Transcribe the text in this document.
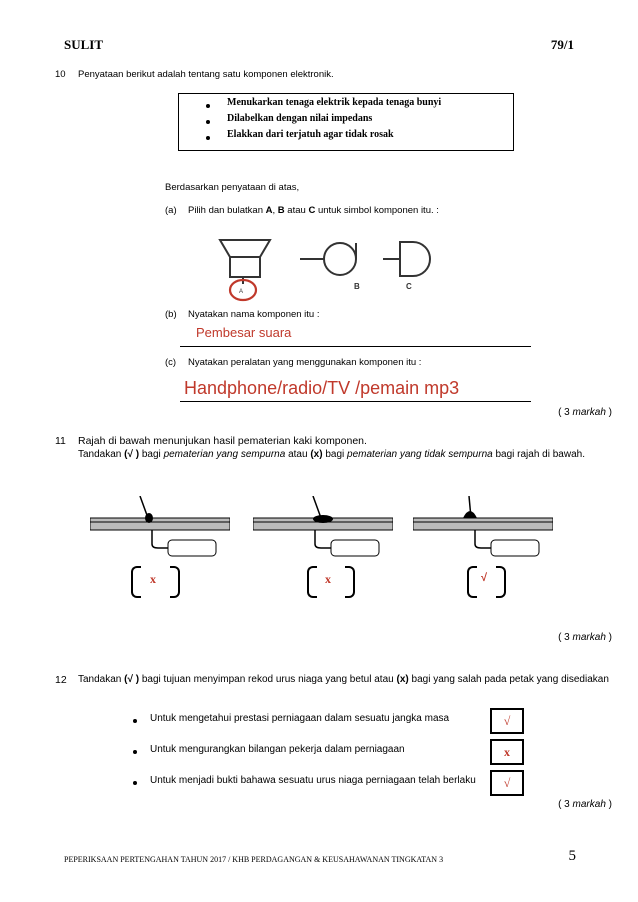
SULIT	79/1
10 Penyataan berikut adalah tentang satu komponen elektronik.
Menukarkan tenaga elektrik kepada tenaga bunyi
Dilabelkan dengan nilai impedans
Elakkan dari terjatuh agar tidak rosak
Berdasarkan penyataan di atas,
(a) Pilih dan bulatkan A, B atau C untuk simbol komponen itu. :
B	C
A
(b) Nyatakan nama komponen itu :
Pembesar suara
(c) Nyatakan peralatan yang menggunakan komponen itu :
Handphone/radio/TV /pemain mp3
( 3 markah )
11 Rajah di bawah menunjukan hasil pematerian kaki komponen.
Tandakan (√ ) bagi pematerian yang sempurna atau (x) bagi pematerian yang tidak sempurna bagi rajah di bawah.
x	x	√
( 3 markah )
12 Tandakan (√ ) bagi tujuan menyimpan rekod urus niaga yang betul atau (x) bagi yang salah pada petak yang disediakan
Untuk mengetahui prestasi perniagaan dalam sesuatu jangka masa	√
Untuk mengurangkan bilangan pekerja dalam perniagaan	x
Untuk menjadi bukti bahawa sesuatu urus niaga perniagaan telah berlaku	√
( 3 markah )
PEPERIKSAAN PERTENGAHAN TAHUN 2017 / KHB PERDAGANGAN & KEUSAHAWANAN TINGKATAN 3	5
